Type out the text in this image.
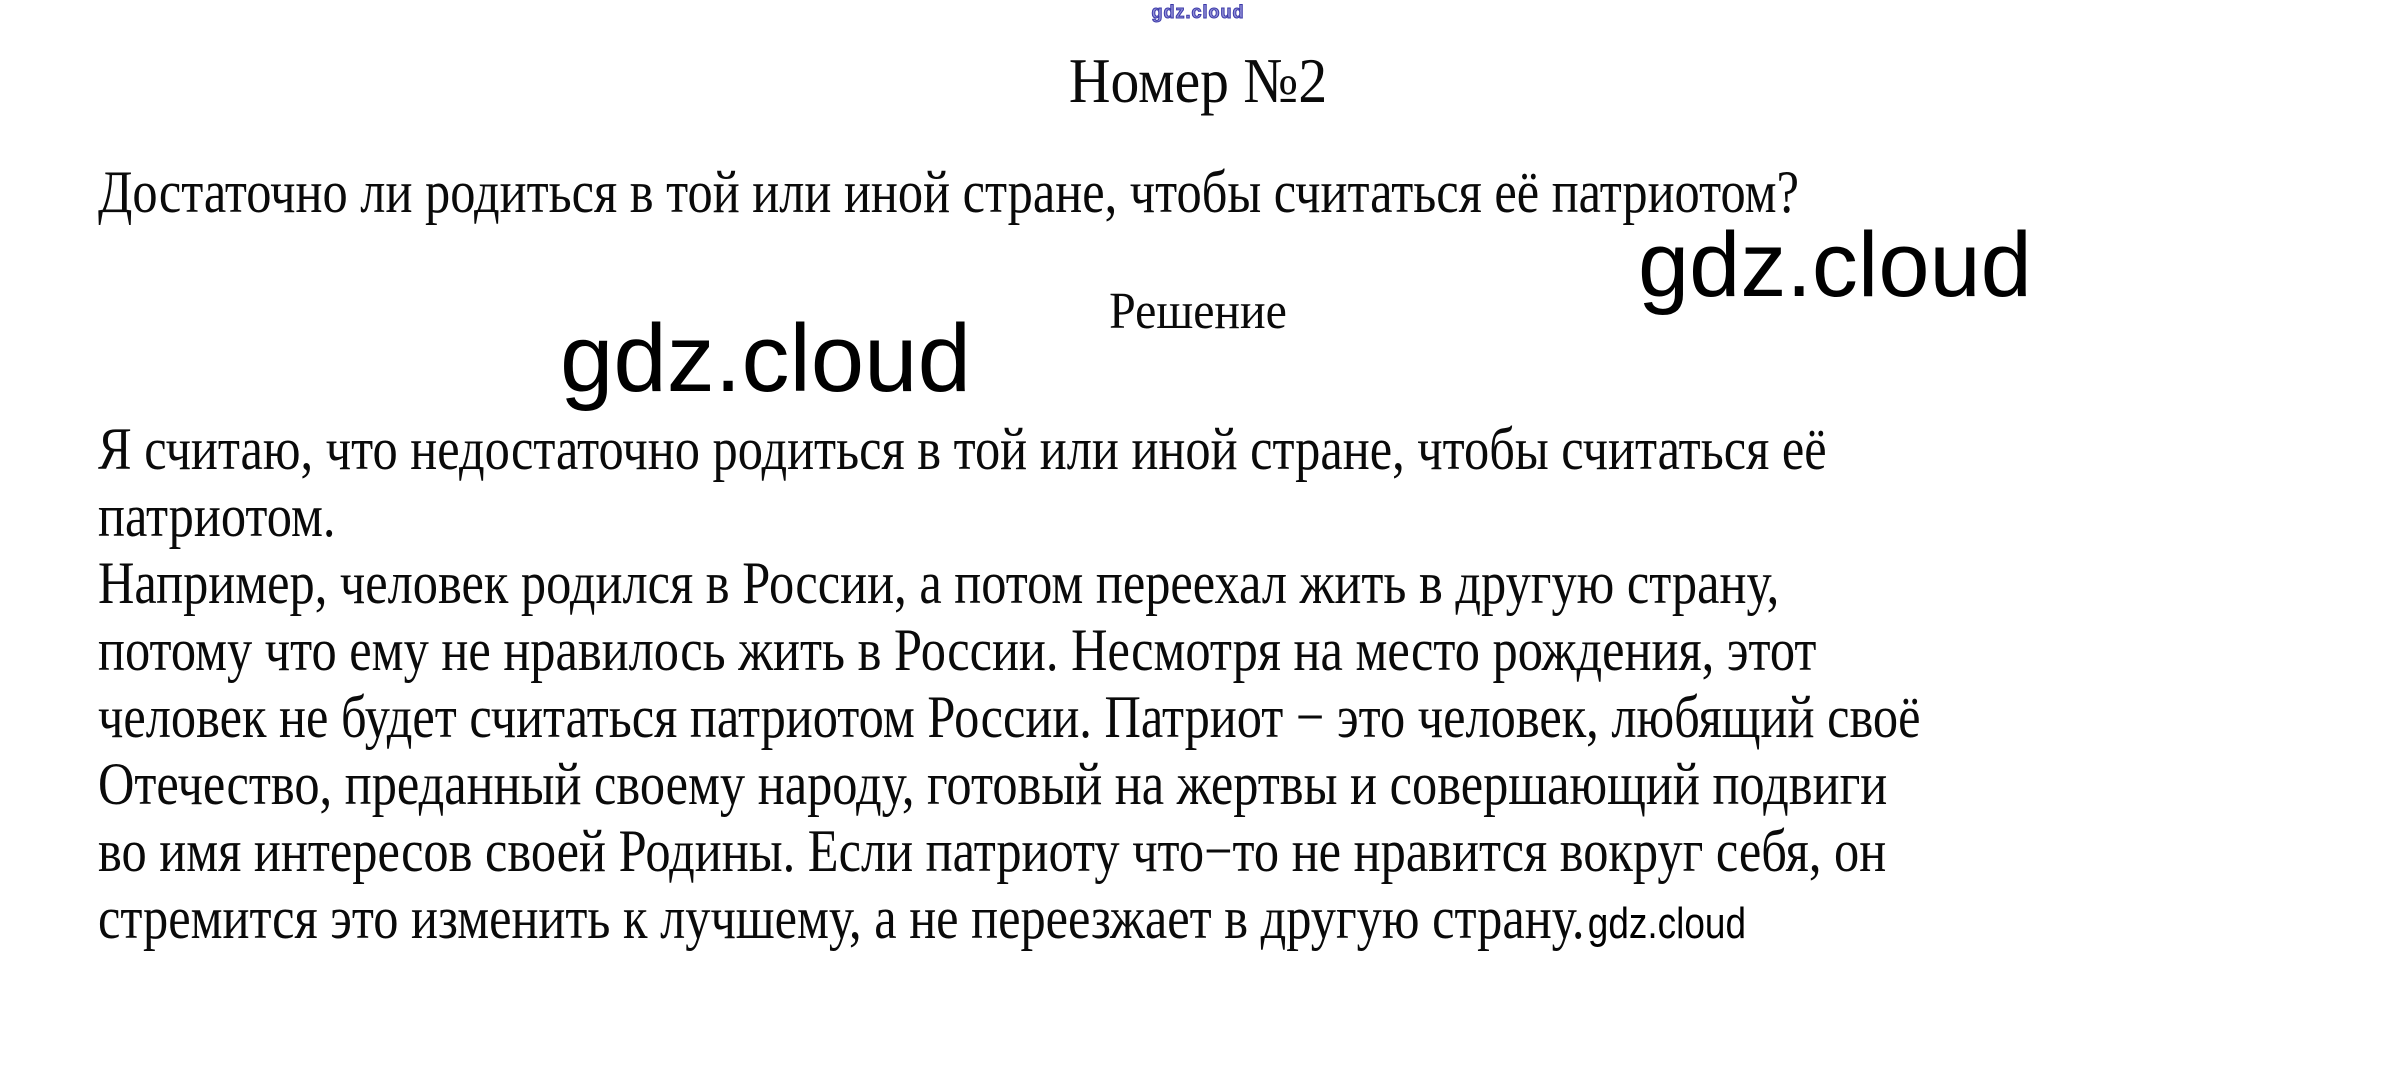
gdz.cloud
Номер №2
Достаточно ли родиться в той или иной стране, чтобы считаться её патриотом?
gdz.cloud
Решение
gdz.cloud
Я считаю, что недостаточно родиться в той или иной стране, чтобы считаться её
патриотом.
Например, человек родился в России, а потом переехал жить в другую страну,
потому что ему не нравилось жить в России. Несмотря на место рождения, этот
человек не будет считаться патриотом России. Патриот − это человек, любящий своё
Отечество, преданный своему народу, готовый на жертвы и совершающий подвиги
во имя интересов своей Родины. Если патриоту что−то не нравится вокруг себя, он
стремится это изменить к лучшему, а не переезжает в другую страну.gdz.cloud
